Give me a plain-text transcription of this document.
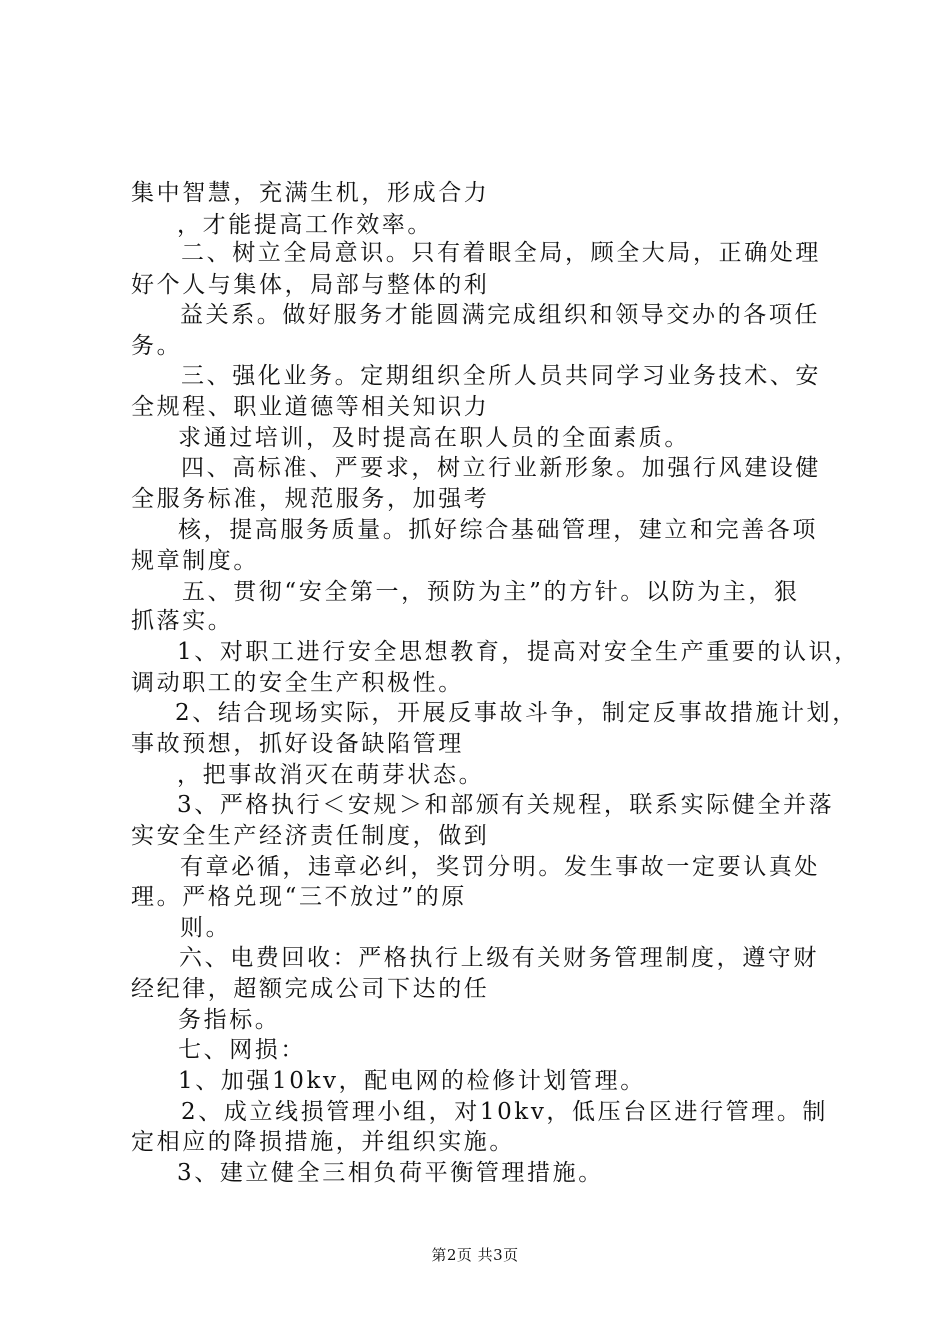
集中智慧，充满生机，形成合力
，才能提高工作效率。
二、树立全局意识。只有着眼全局，顾全大局，正确处理
好个人与集体，局部与整体的利
益关系。做好服务才能圆满完成组织和领导交办的各项任
务。
三、强化业务。定期组织全所人员共同学习业务技术、安
全规程、职业道德等相关知识力
求通过培训，及时提高在职人员的全面素质。
四、高标准、严要求，树立行业新形象。加强行风建设健
全服务标准，规范服务，加强考
核，提高服务质量。抓好综合基础管理，建立和完善各项
规章制度。
五、贯彻“安全第一，预防为主”的方针。以防为主，狠
抓落实。
1、对职工进行安全思想教育，提高对安全生产重要的认识，
调动职工的安全生产积极性。
2、结合现场实际，开展反事故斗争，制定反事故措施计划，
事故预想，抓好设备缺陷管理
，把事故消灭在萌芽状态。
3、严格执行＜安规＞和部颁有关规程，联系实际健全并落
实安全生产经济责任制度，做到
有章必循，违章必纠，奖罚分明。发生事故一定要认真处
理。严格兑现“三不放过”的原
则。
六、电费回收：严格执行上级有关财务管理制度，遵守财
经纪律，超额完成公司下达的任
务指标。
七、网损：
1、加强10kv，配电网的检修计划管理。
2、成立线损管理小组，对10kv，低压台区进行管理。制
定相应的降损措施，并组织实施。
3、建立健全三相负荷平衡管理措施。
第2页 共3页
